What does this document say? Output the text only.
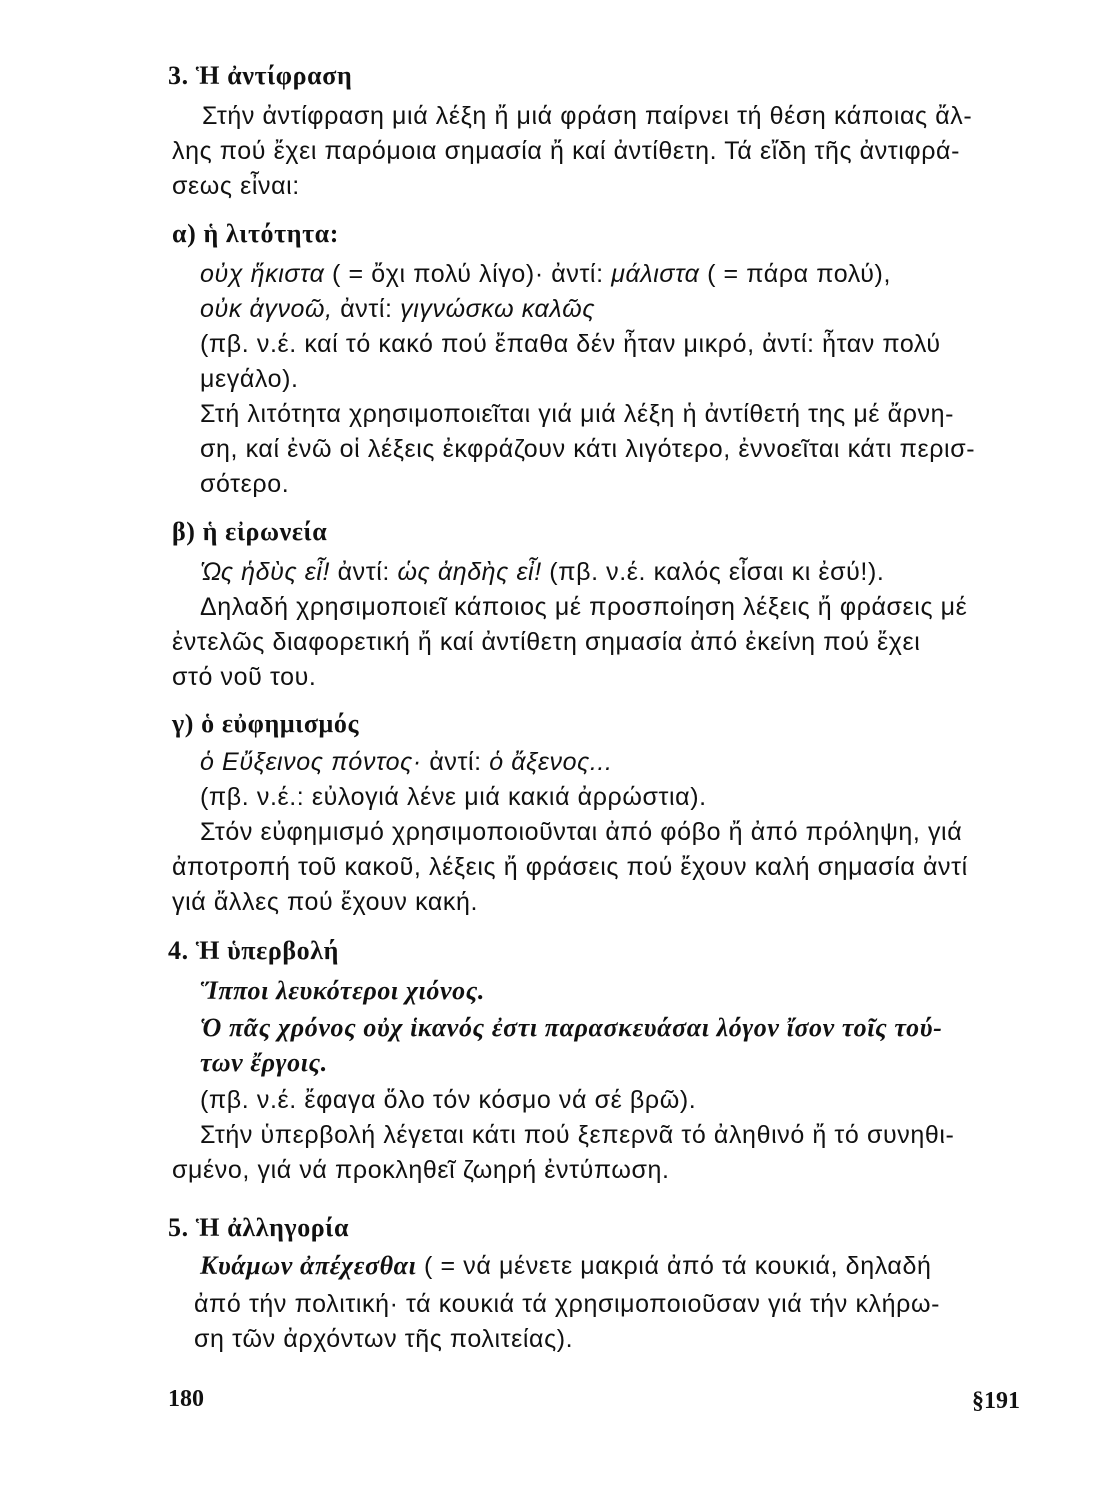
3. Ἡ ἀντίφραση
Στήν ἀντίφραση μιά λέξη ἤ μιά φράση παίρνει τή θέση κάποιας ἄλ-
λης πού ἔχει παρόμοια σημασία ἤ καί ἀντίθετη. Τά εἴδη τῆς ἀντιφρά-
σεως εἶναι:
α) ἡ λιτότητα:
οὐχ ἥκιστα ( = ὄχι πολύ λίγο)· ἀντί: μάλιστα ( = πάρα πολύ),
οὐκ ἀγνοῶ, ἀντί: γιγνώσκω καλῶς
(πβ. ν.έ. καί τό κακό πού ἔπαθα δέν ἦταν μικρό, ἀντί: ἦταν πολύ
μεγάλο).
Στή λιτότητα χρησιμοποιεῖται γιά μιά λέξη ἡ ἀντίθετή της μέ ἄρνη-
ση, καί ἐνῶ οἱ λέξεις ἐκφράζουν κάτι λιγότερο, ἐννοεῖται κάτι περισ-
σότερο.
β) ἡ εἰρωνεία
Ὡς ἡδὺς εἶ! ἀντί: ὡς ἀηδὴς εἶ! (πβ. ν.έ. καλός εἶσαι κι ἐσύ!).
Δηλαδή χρησιμοποιεῖ κάποιος μέ προσποίηση λέξεις ἤ φράσεις μέ
ἐντελῶς διαφορετική ἤ καί ἀντίθετη σημασία ἀπό ἐκείνη πού ἔχει
στό νοῦ του.
γ) ὁ εὐφημισμός
ὁ Εὔξεινος πόντος· ἀντί: ὁ ἄξενος...
(πβ. ν.έ.: εὐλογιά λένε μιά κακιά ἀρρώστια).
Στόν εὐφημισμό χρησιμοποιοῦνται ἀπό φόβο ἤ ἀπό πρόληψη, γιά
ἀποτροπή τοῦ κακοῦ, λέξεις ἤ φράσεις πού ἔχουν καλή σημασία ἀντί
γιά ἄλλες πού ἔχουν κακή.
4. Ἡ ὑπερβολή
Ἵπποι λευκότεροι χιόνος.
Ὁ πᾶς χρόνος οὐχ ἱκανός ἐστι παρασκευάσαι λόγον ἴσον τοῖς τού-
των ἔργοις.
(πβ. ν.έ. ἔφαγα ὅλο τόν κόσμο νά σέ βρῶ).
Στήν ὑπερβολή λέγεται κάτι πού ξεπερνᾶ τό ἀληθινό ἤ τό συνηθι-
σμένο, γιά νά προκληθεῖ ζωηρή ἐντύπωση.
5. Ἡ ἀλληγορία
Κυάμων ἀπέχεσθαι ( = νά μένετε μακριά ἀπό τά κουκιά, δηλαδή
ἀπό τήν πολιτική· τά κουκιά τά χρησιμοποιοῦσαν γιά τήν κλήρω-
ση τῶν ἀρχόντων τῆς πολιτείας).
180	§191
